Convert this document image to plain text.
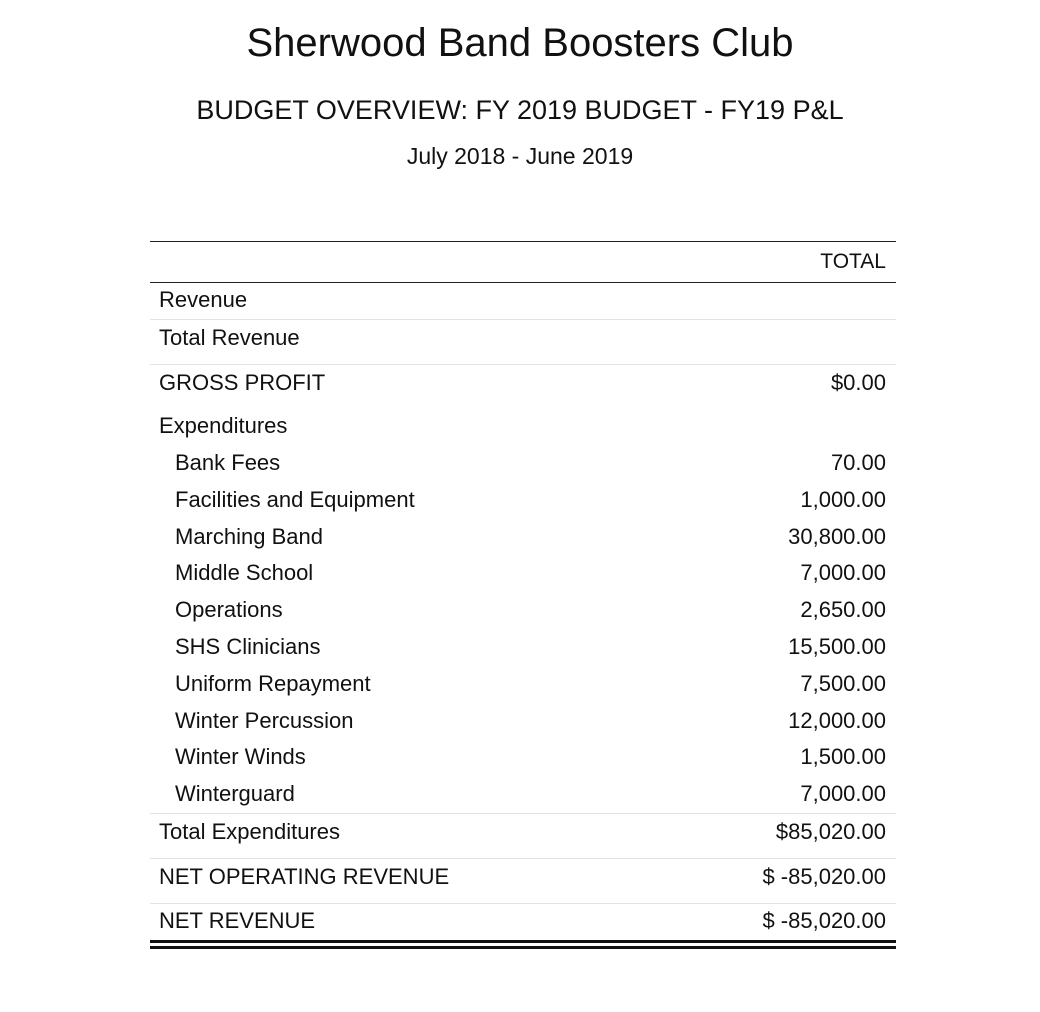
Sherwood Band Boosters Club
BUDGET OVERVIEW: FY 2019 BUDGET - FY19 P&L
July 2018 - June 2019
TOTAL
Revenue
Total Revenue
GROSS PROFIT	$0.00
Expenditures
Bank Fees	70.00
Facilities and Equipment	1,000.00
Marching Band	30,800.00
Middle School	7,000.00
Operations	2,650.00
SHS Clinicians	15,500.00
Uniform Repayment	7,500.00
Winter Percussion	12,000.00
Winter Winds	1,500.00
Winterguard	7,000.00
Total Expenditures	$85,020.00
NET OPERATING REVENUE	$ -85,020.00
NET REVENUE	$ -85,020.00
